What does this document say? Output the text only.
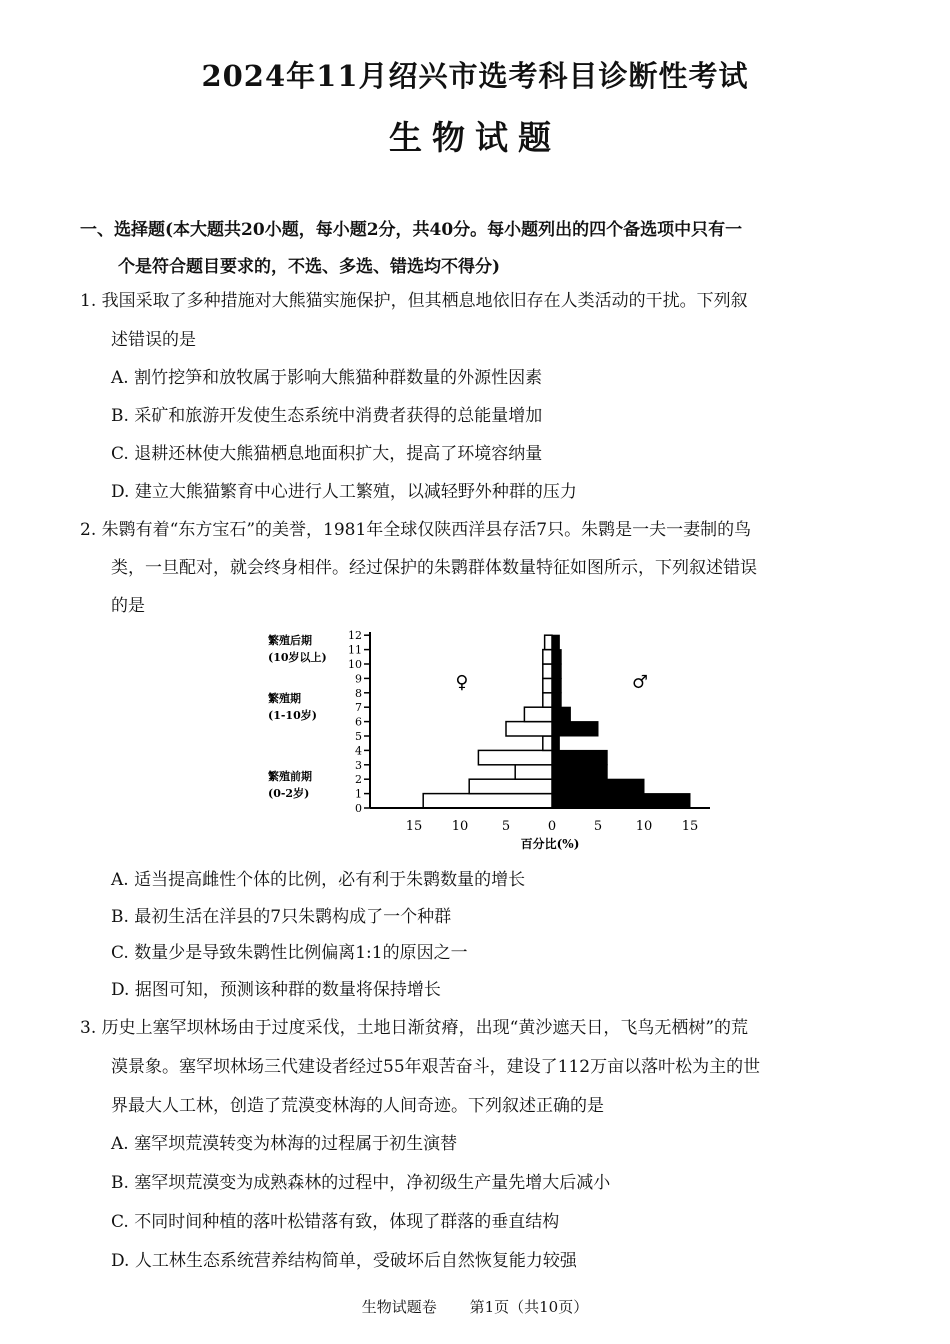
2024年11月绍兴市选考科目诊断性考试
生物试题
一、选择题(本大题共20小题，每小题2分，共40分。每小题列出的四个备选项中只有一
个是符合题目要求的，不选、多选、错选均不得分)
1. 我国采取了多种措施对大熊猫实施保护，但其栖息地依旧存在人类活动的干扰。下列叙
述错误的是
A. 割竹挖笋和放牧属于影响大熊猫种群数量的外源性因素
B. 采矿和旅游开发使生态系统中消费者获得的总能量增加
C. 退耕还林使大熊猫栖息地面积扩大，提高了环境容纳量
D. 建立大熊猫繁育中心进行人工繁殖，以减轻野外种群的压力
2. 朱鹮有着“东方宝石”的美誉，1981年全球仅陕西洋县存活7只。朱鹮是一夫一妻制的鸟
类，一旦配对，就会终身相伴。经过保护的朱鹮群体数量特征如图所示，下列叙述错误
的是
繁殖后期
(10岁以上)
繁殖期
(1-10岁)
繁殖前期
(0-2岁)
0
1
2
3
4
5
6
7
8
9
10
11
12
15 10	5	0	5	10 15
♀	♂
百分比(%)
A. 适当提高雌性个体的比例，必有利于朱鹮数量的增长
B. 最初生活在洋县的7只朱鹮构成了一个种群
C. 数量少是导致朱鹮性比例偏离1:1的原因之一
D. 据图可知，预测该种群的数量将保持增长
3. 历史上塞罕坝林场由于过度采伐，土地日渐贫瘠，出现“黄沙遮天日，飞鸟无栖树”的荒
漠景象。塞罕坝林场三代建设者经过55年艰苦奋斗，建设了112万亩以落叶松为主的世
界最大人工林，创造了荒漠变林海的人间奇迹。下列叙述正确的是
A. 塞罕坝荒漠转变为林海的过程属于初生演替
B. 塞罕坝荒漠变为成熟森林的过程中，净初级生产量先增大后减小
C. 不同时间种植的落叶松错落有致，体现了群落的垂直结构
D. 人工林生态系统营养结构简单，受破坏后自然恢复能力较强
生物试题卷 第1页（共10页）
